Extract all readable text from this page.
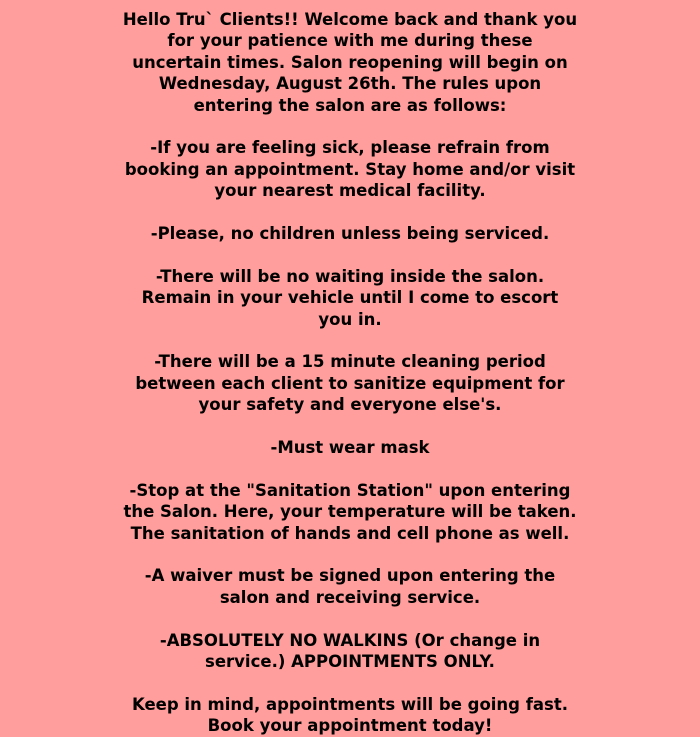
Hello Tru` Clients!! Welcome back and thank you
for your patience with me during these
uncertain times. Salon reopening will begin on
Wednesday, August 26th. The rules upon
entering the salon are as follows:

-If you are feeling sick, please refrain from
booking an appointment. Stay home and/or visit
your nearest medical facility.

-Please, no children unless being serviced.

-There will be no waiting inside the salon.
Remain in your vehicle until I come to escort
you in.

-There will be a 15 minute cleaning period
between each client to sanitize equipment for
your safety and everyone else's.

-Must wear mask

-Stop at the "Sanitation Station" upon entering
the Salon. Here, your temperature will be taken.
The sanitation of hands and cell phone as well.

-A waiver must be signed upon entering the
salon and receiving service.

-ABSOLUTELY NO WALKINS (Or change in
service.) APPOINTMENTS ONLY.

Keep in mind, appointments will be going fast.
Book your appointment today!
